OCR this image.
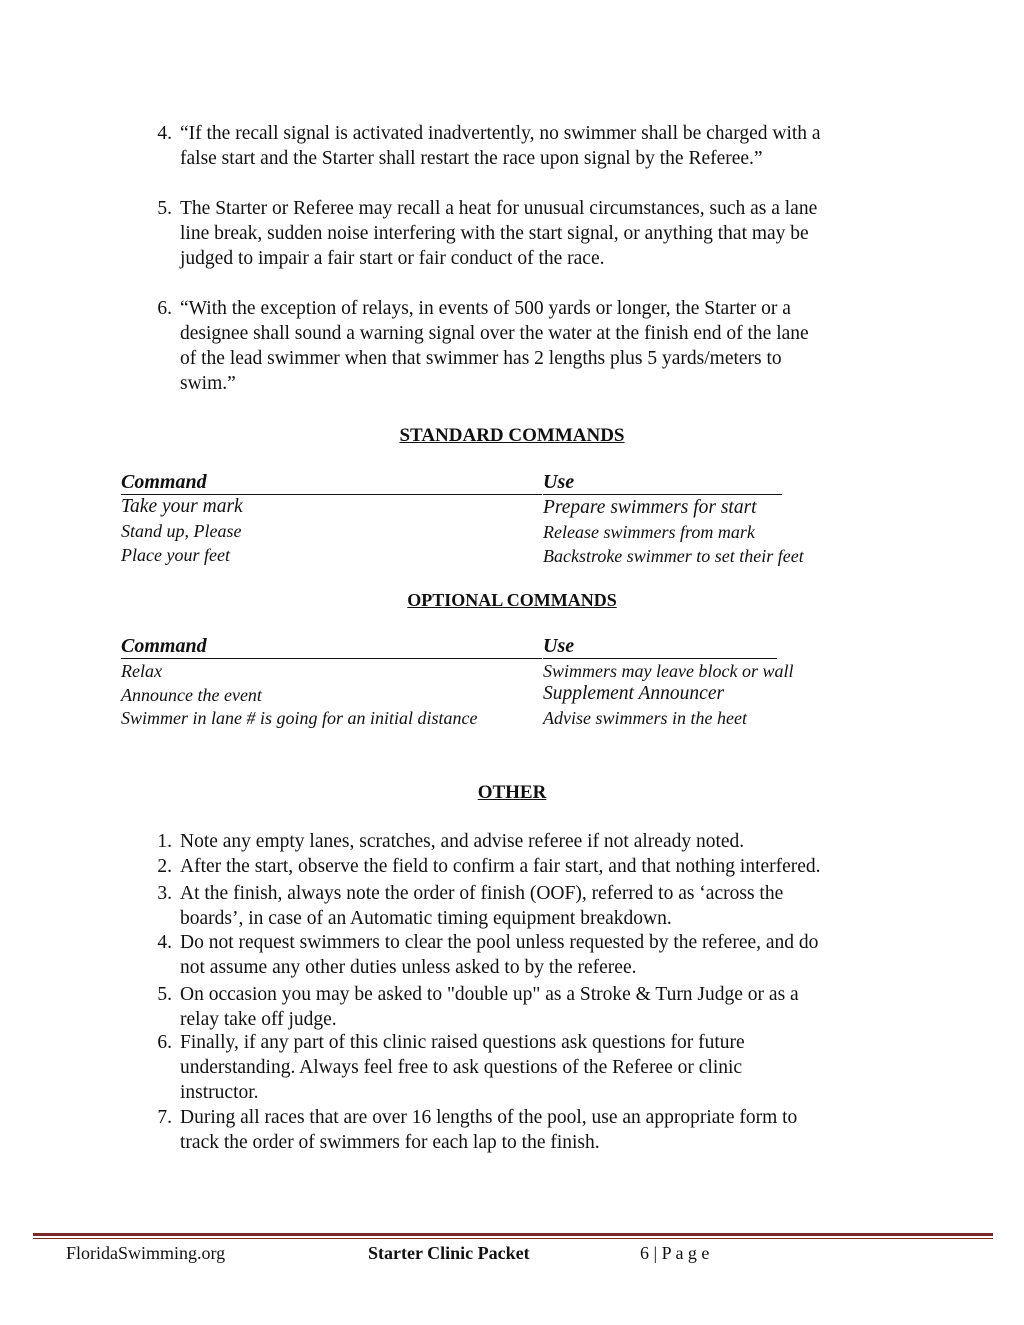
4. “If the recall signal is activated inadvertently, no swimmer shall be charged with a
false start and the Starter shall restart the race upon signal by the Referee.”
5. The Starter or Referee may recall a heat for unusual circumstances, such as a lane
line break, sudden noise interfering with the start signal, or anything that may be
judged to impair a fair start or fair conduct of the race.
6. “With the exception of relays, in events of 500 yards or longer, the Starter or a
designee shall sound a warning signal over the water at the finish end of the lane
of the lead swimmer when that swimmer has 2 lengths plus 5 yards/meters to
swim.”
STANDARD COMMANDS
Command	Use
Take your mark	Prepare swimmers for start
Stand up, Please	Release swimmers from mark
Place your feet	Backstroke swimmer to set their feet
OPTIONAL COMMANDS
Command	Use
Relax	Swimmers may leave block or wall
Announce the event	Supplement Announcer
Swimmer in lane # is going for an initial distance	Advise swimmers in the heet
OTHER
1. Note any empty lanes, scratches, and advise referee if not already noted.
2. After the start, observe the field to confirm a fair start, and that nothing interfered.
3. At the finish, always note the order of finish (OOF), referred to as ‘across the
boards’, in case of an Automatic timing equipment breakdown.
4. Do not request swimmers to clear the pool unless requested by the referee, and do
not assume any other duties unless asked to by the referee.
5. On occasion you may be asked to "double up" as a Stroke & Turn Judge or as a
relay take off judge.
6. Finally, if any part of this clinic raised questions ask questions for future
understanding. Always feel free to ask questions of the Referee or clinic
instructor.
7. During all races that are over 16 lengths of the pool, use an appropriate form to
track the order of swimmers for each lap to the finish.
FloridaSwimming.org	Starter Clinic Packet	6 | P a g e
